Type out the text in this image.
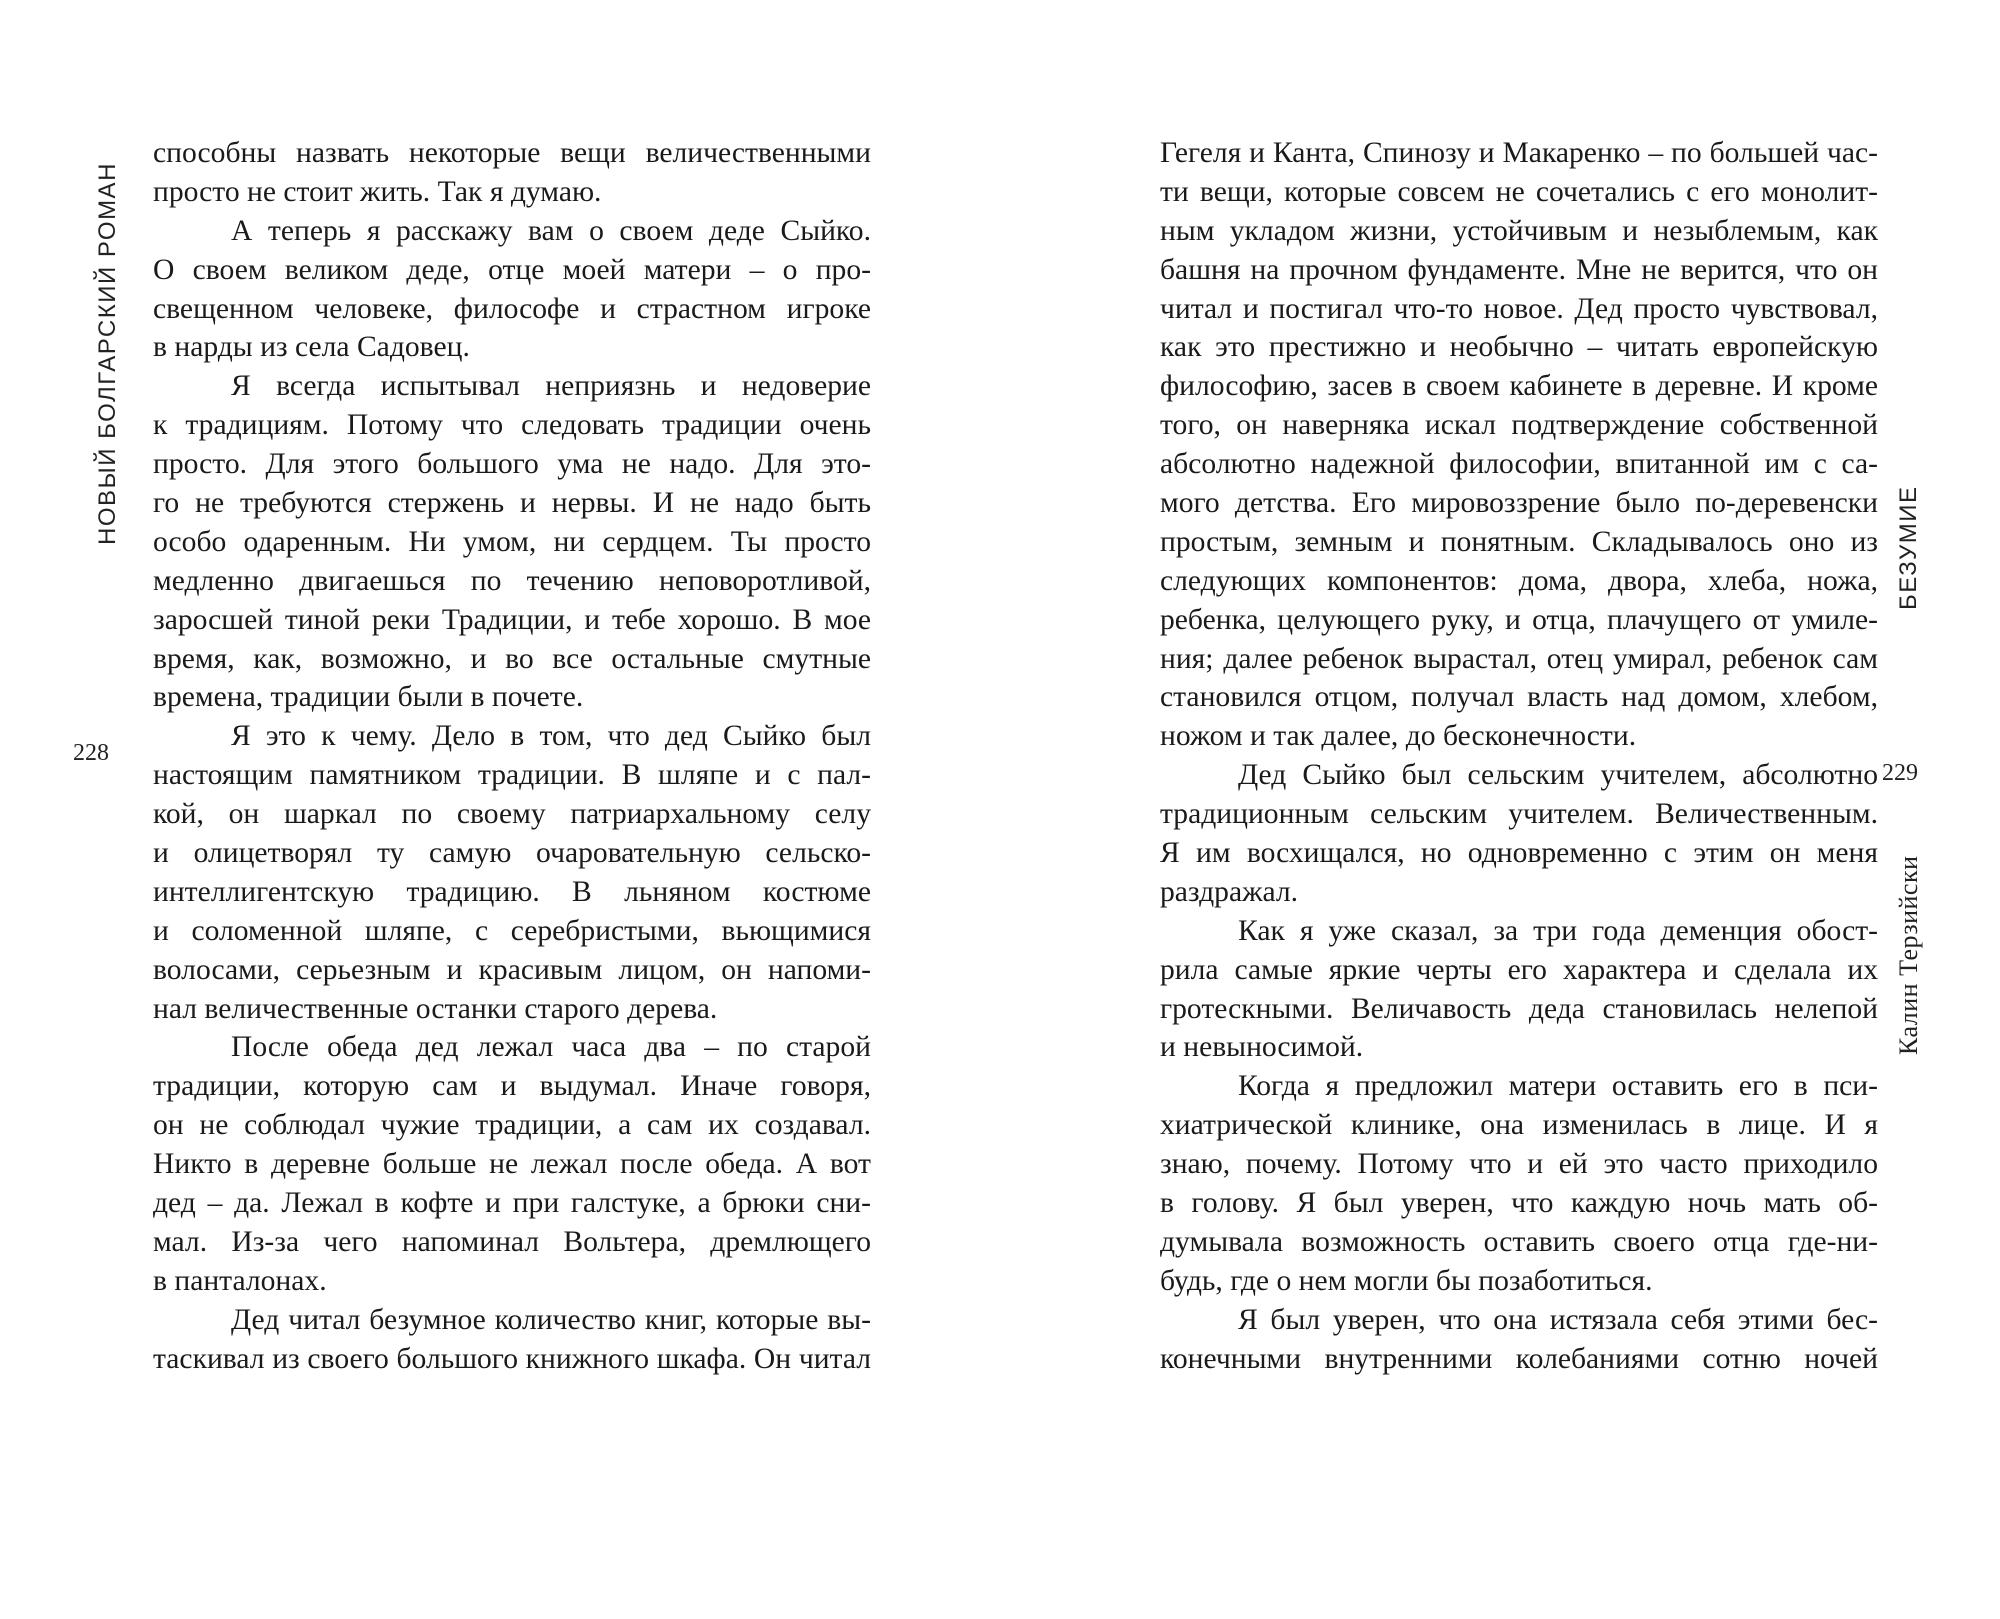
НОВЫЙ БОЛГАРСКИЙ РОМАН
228
способны назвать некоторые вещи величественными
просто не стоит жить. Так я думаю.
А теперь я расскажу вам о своем деде Сыйко.
О своем великом деде, отце моей матери – о про-
свещенном человеке, философе и страстном игроке
в нарды из села Садовец.
Я всегда испытывал неприязнь и недоверие
к традициям. Потому что следовать традиции очень
просто. Для этого большого ума не надо. Для это-
го не требуются стержень и нервы. И не надо быть
особо одаренным. Ни умом, ни сердцем. Ты просто
медленно двигаешься по течению неповоротливой,
заросшей тиной реки Традиции, и тебе хорошо. В мое
время, как, возможно, и во все остальные смутные
времена, традиции были в почете.
Я это к чему. Дело в том, что дед Сыйко был
настоящим памятником традиции. В шляпе и с пал-
кой, он шаркал по своему патриархальному селу
и олицетворял ту самую очаровательную сельско-
интеллигентскую традицию. В льняном костюме
и соломенной шляпе, с серебристыми, вьющимися
волосами, серьезным и красивым лицом, он напоми-
нал величественные останки старого дерева.
После обеда дед лежал часа два – по старой
традиции, которую сам и выдумал. Иначе говоря,
он не соблюдал чужие традиции, а сам их создавал.
Никто в деревне больше не лежал после обеда. А вот
дед – да. Лежал в кофте и при галстуке, а брюки сни-
мал. Из-за чего напоминал Вольтера, дремлющего
в панталонах.
Дед читал безумное количество книг, которые вы-
таскивал из своего большого книжного шкафа. Он читал
Гегеля и Канта, Спинозу и Макаренко – по большей час-
ти вещи, которые совсем не сочетались с его монолит-
ным укладом жизни, устойчивым и незыблемым, как
башня на прочном фундаменте. Мне не верится, что он
читал и постигал что-то новое. Дед просто чувствовал,
как это престижно и необычно – читать европейскую
философию, засев в своем кабинете в деревне. И кроме
того, он наверняка искал подтверждение собственной
абсолютно надежной философии, впитанной им с са-
мого детства. Его мировоззрение было по-деревенски
простым, земным и понятным. Складывалось оно из
следующих компонентов: дома, двора, хлеба, ножа,
ребенка, целующего руку, и отца, плачущего от умиле-
ния; далее ребенок вырастал, отец умирал, ребенок сам
становился отцом, получал власть над домом, хлебом,
ножом и так далее, до бесконечности.
Дед Сыйко был сельским учителем, абсолютно
традиционным сельским учителем. Величественным.
Я им восхищался, но одновременно с этим он меня
раздражал.
Как я уже сказал, за три года деменция обост-
рила самые яркие черты его характера и сделала их
гротескными. Величавость деда становилась нелепой
и невыносимой.
Когда я предложил матери оставить его в пси-
хиатрической клинике, она изменилась в лице. И я
знаю, почему. Потому что и ей это часто приходило
в голову. Я был уверен, что каждую ночь мать об-
думывала возможность оставить своего отца где-ни-
будь, где о нем могли бы позаботиться.
Я был уверен, что она истязала себя этими бес-
конечными внутренними колебаниями сотню ночей
БЕЗУМИЕ
229
Калин Терзийски
